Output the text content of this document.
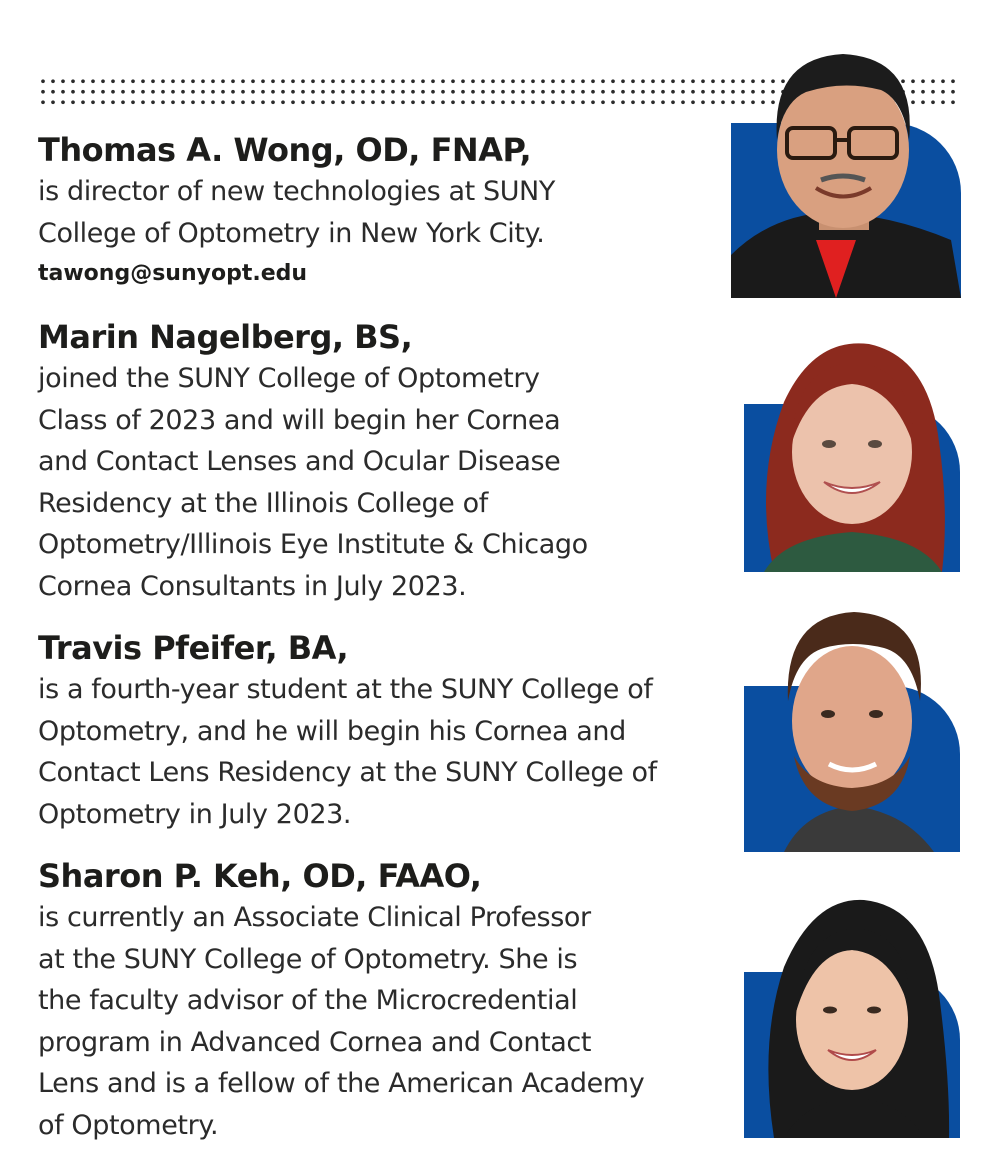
Thomas A. Wong, OD, FNAP,

is director of new technologies at SUNY
College of Optometry in New York City.

tawong@sunyopt.edu

Marin Nagelberg, BS,

joined the SUNY College of Optometry
Class of 2023 and will begin her Cornea
and Contact Lenses and Ocular Disease
Residency at the Illinois College of
Optometry/Illinois Eye Institute & Chicago
Cornea Consultants in July 2023.

Travis Pfeifer, BA,

is a fourth-year student at the SUNY College of
Optometry, and he will begin his Cornea and
Contact Lens Residency at the SUNY College of
Optometry in July 2023.

Sharon P. Keh, OD, FAAO,

is currently an Associate Clinical Professor
at the SUNY College of Optometry. She is
the faculty advisor of the Microcredential
program in Advanced Cornea and Contact
Lens and is a fellow of the American Academy
of Optometry.
